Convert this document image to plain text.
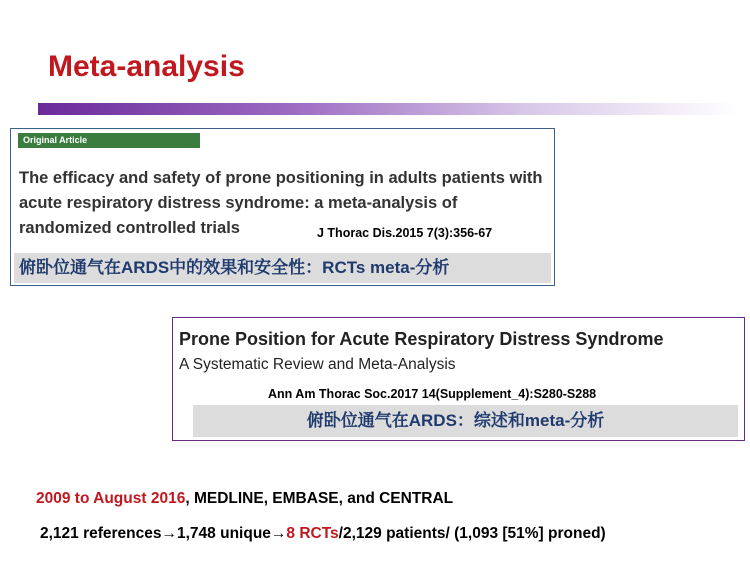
Meta-analysis
Original Article
The efficacy and safety of prone positioning in adults patients with acute respiratory distress syndrome: a meta-analysis of randomized controlled trials	J Thorac Dis.2015 7(3):356-67
俯卧位通气在ARDS中的效果和安全性：RCTs meta-分析
Prone Position for Acute Respiratory Distress Syndrome
A Systematic Review and Meta-Analysis
Ann Am Thorac Soc.2017 14(Supplement_4):S280-S288
俯卧位通气在ARDS：综述和meta-分析
2009 to August 2016, MEDLINE, EMBASE, and CENTRAL
2,121 references→1,748 unique→8 RCTs/2,129 patients/ (1,093 [51%] proned)
